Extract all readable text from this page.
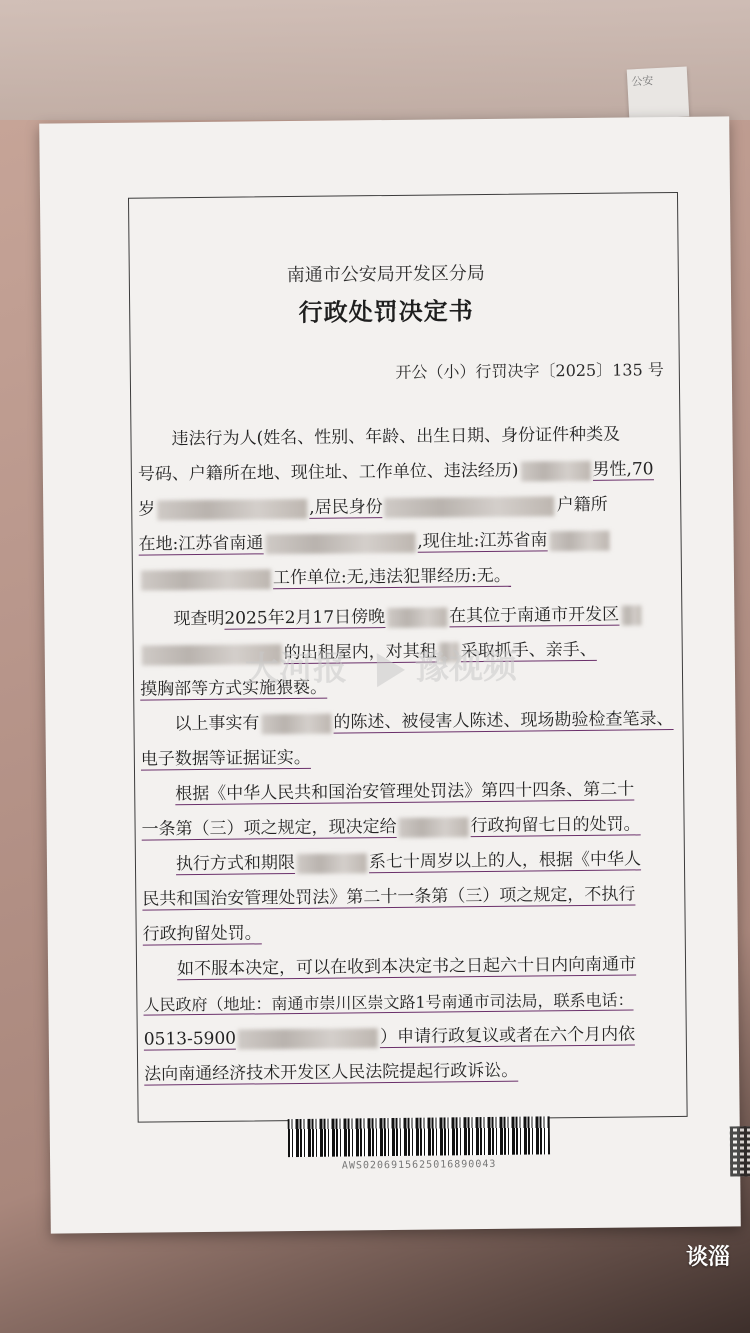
公安
南通市公安局开发区分局
行政处罚决定书
开公（小）行罚决字〔2025〕135 号
违法行为人(姓名、性别、年龄、出生日期、身份证件种类及
号码、户籍所在地、现住址、工作单位、违法经历)	男性,70
岁	,居民身份	户籍所
在地:江苏省南通	,现住址:江苏省南
工作单位:无,违法犯罪经历:无。
现查明2025年2月17日傍晚	在其位于南通市开发区
的出租屋内，对其租 采取抓手、亲手、
摸胸部等方式实施猥亵。
以上事实有	的陈述、被侵害人陈述、现场勘验检查笔录、
电子数据等证据证实。
根据《中华人民共和国治安管理处罚法》第四十四条、第二十
一条第（三）项之规定，现决定给	行政拘留七日的处罚。
执行方式和期限	系七十周岁以上的人，根据《中华人
民共和国治安管理处罚法》第二十一条第（三）项之规定，不执行
行政拘留处罚。
如不服本决定，可以在收到本决定书之日起六十日内向南通市
人民政府（地址：南通市崇川区崇文路1号南通市司法局，联系电话：
0513-5900	）申请行政复议或者在六个月内依
法向南通经济技术开发区人民法院提起行政诉讼。
大河报 豫视频
AWS0206915625016890043
谈淄
